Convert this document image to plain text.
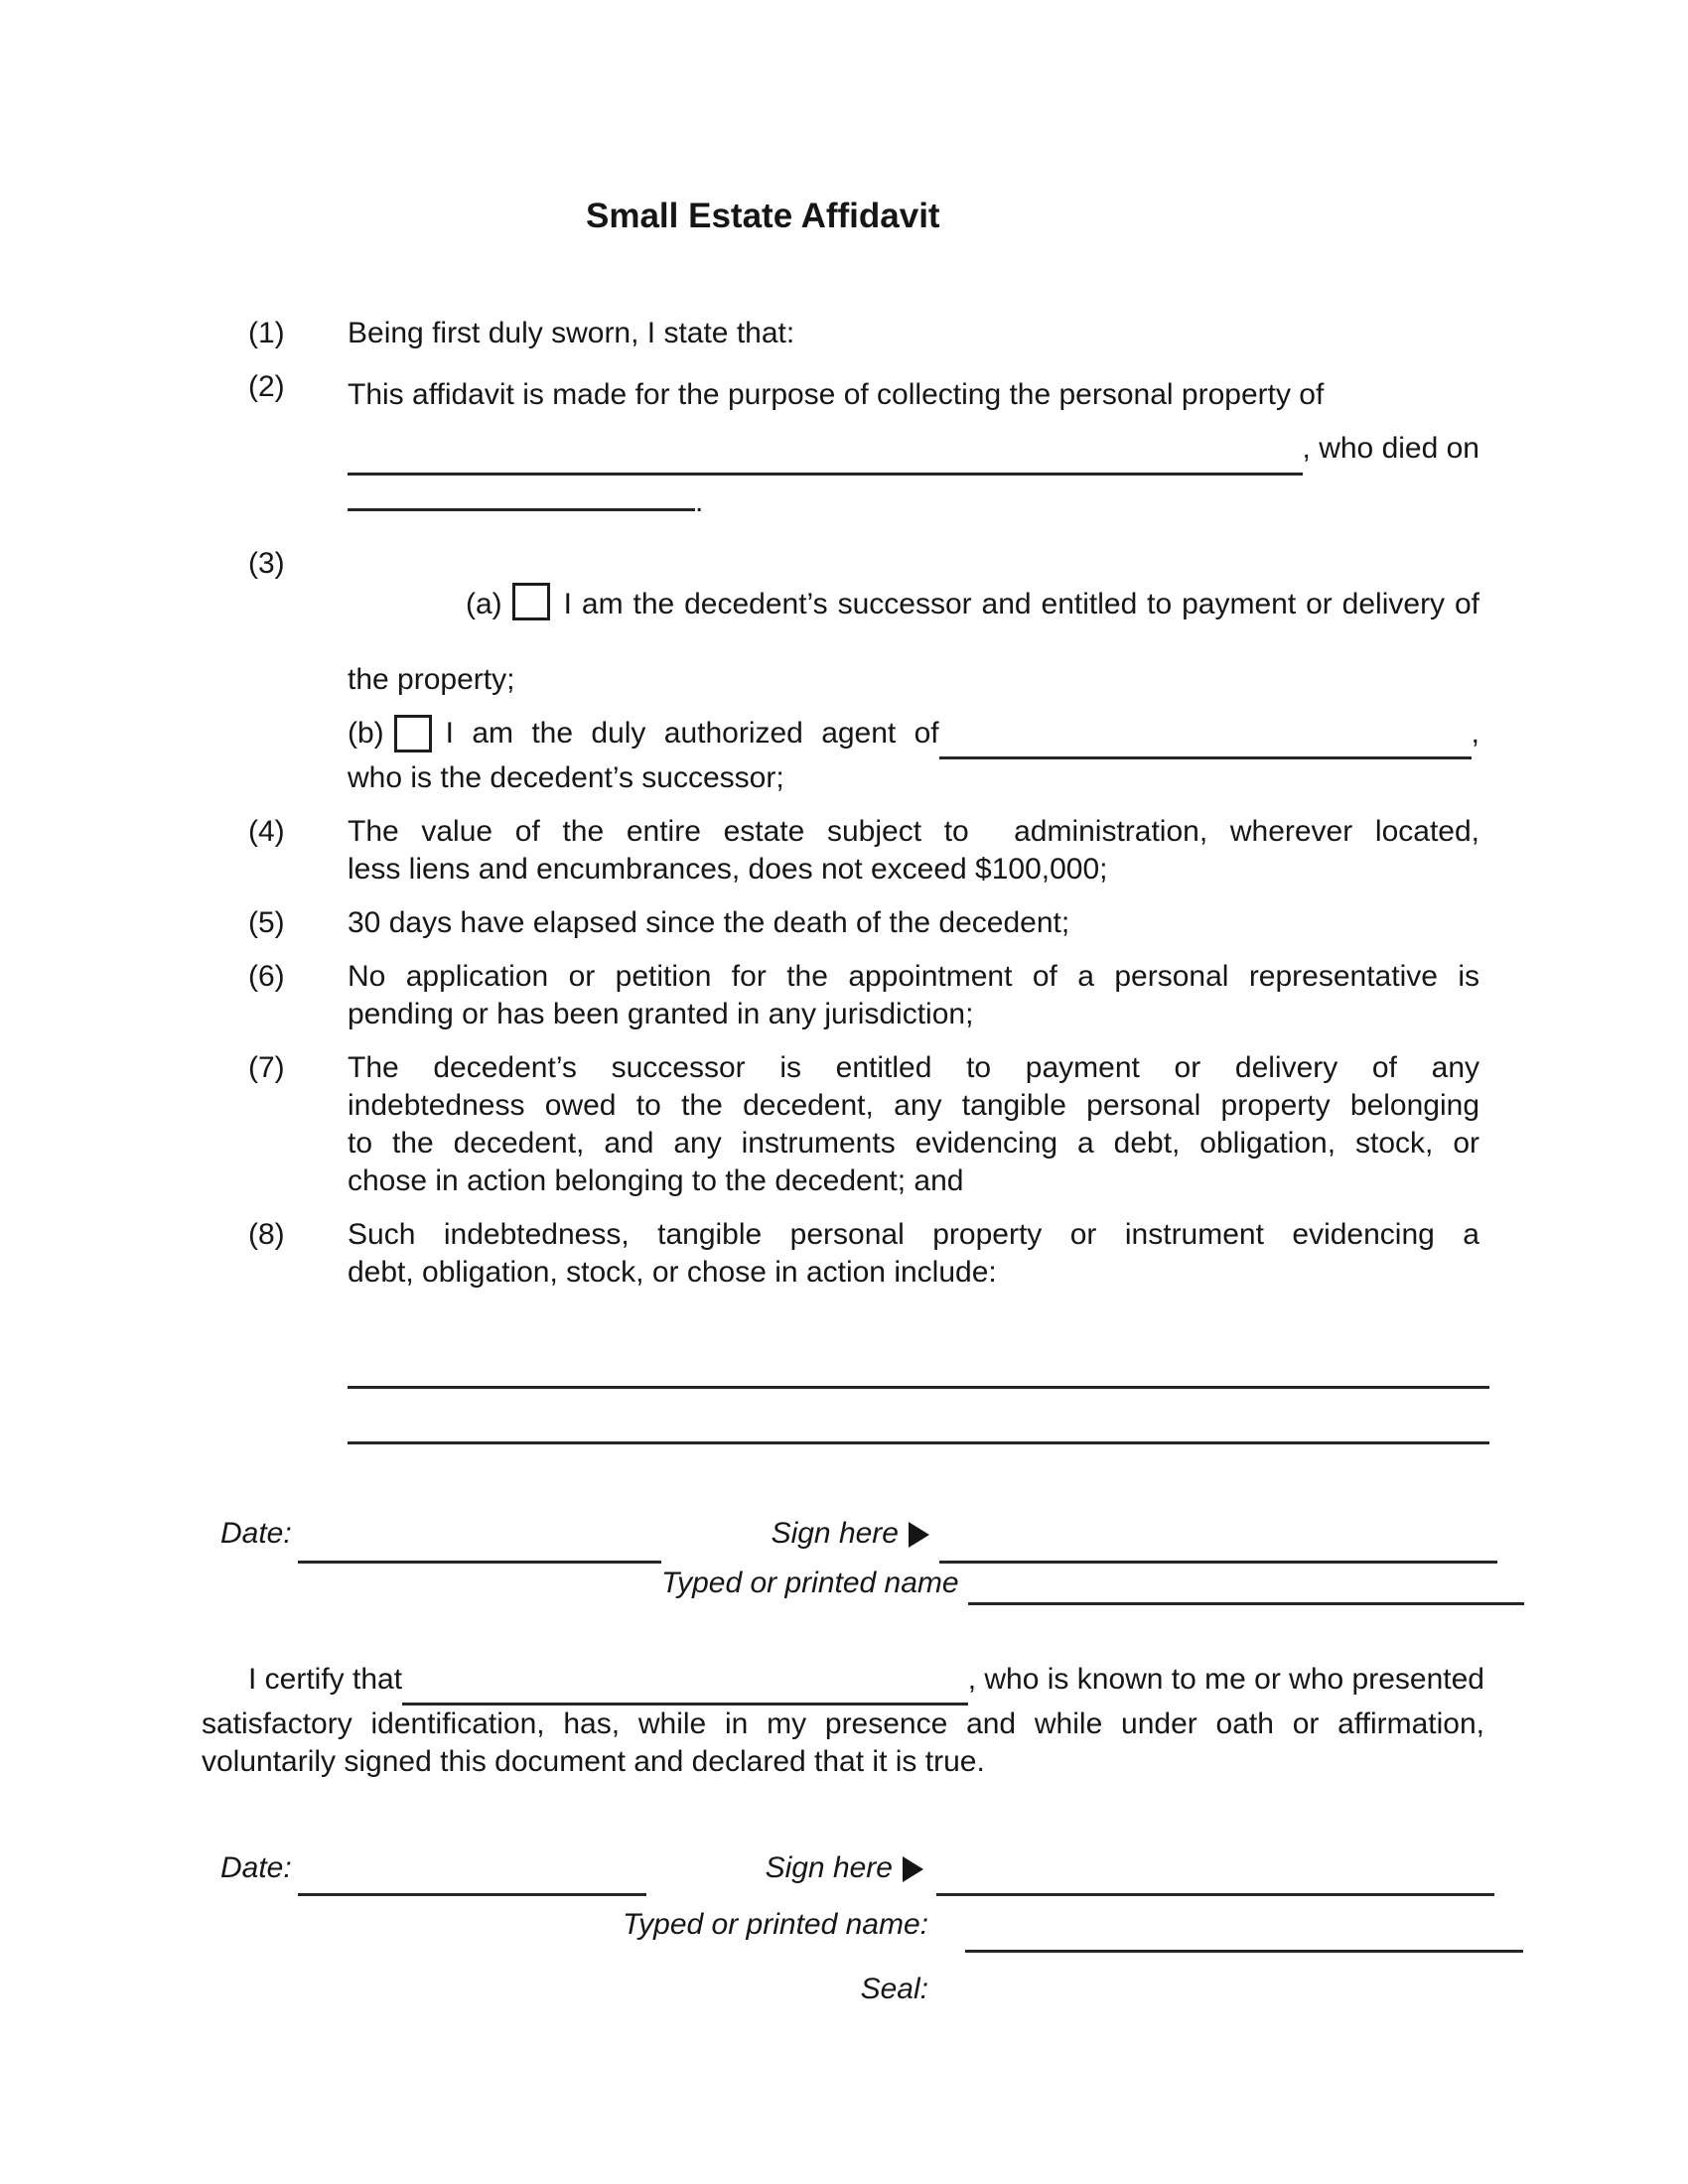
Small Estate Affidavit
(1)	Being first duly sworn, I state that:
(2)	This affidavit is made for the purpose of collecting the personal property of
, who died on
.
(3)

(a) I am the decedent’s successor and entitled to payment or delivery of

the property;
(b) I am the duly authorized agent of	,
who is the decedent’s successor;
(4)	The value of the entire estate subject to  administration, wherever located,
less liens and encumbrances, does not exceed $100,000;
(5)	30 days have elapsed since the death of the decedent;
(6)	No application or petition for the appointment of a personal representative is
pending or has been granted in any jurisdiction;
(7)	The decedent’s successor is entitled to payment or delivery of any
indebtedness owed to the decedent, any tangible personal property belonging
to the decedent, and any instruments evidencing a debt, obligation, stock, or
chose in action belonging to the decedent; and
(8)	Such indebtedness, tangible personal property or instrument evidencing a
debt, obligation, stock, or chose in action include:
Date:	Sign here
Typed or printed name
I certify that	, who is known to me or who presented
satisfactory identification, has, while in my presence and while under oath or affirmation,
voluntarily signed this document and declared that it is true.
Date:	Sign here
Typed or printed name:
Seal:
